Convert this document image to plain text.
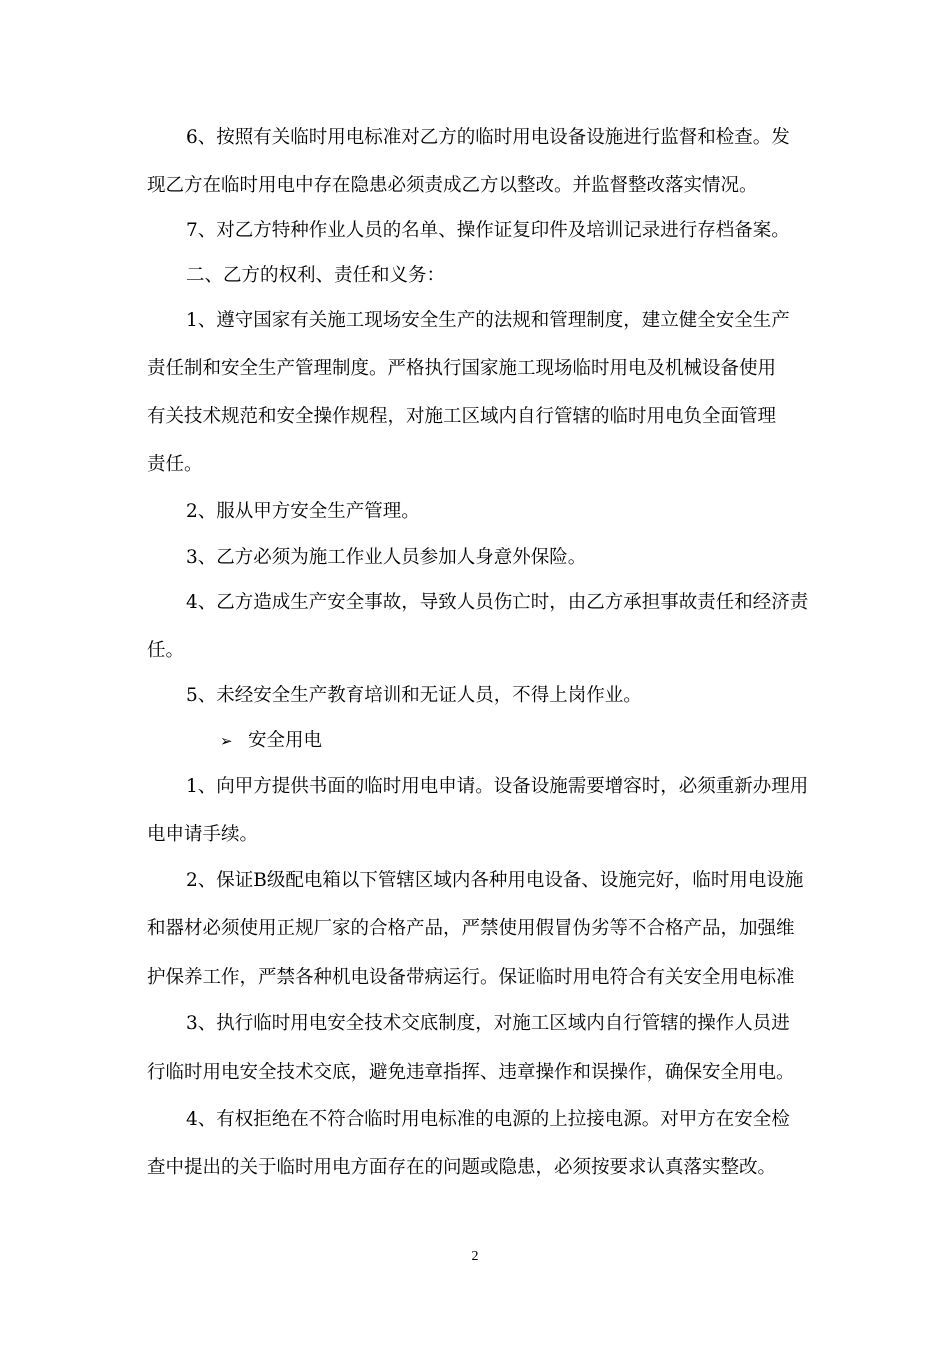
6、按照有关临时用电标准对乙方的临时用电设备设施进行监督和检查。发
现乙方在临时用电中存在隐患必须责成乙方以整改。并监督整改落实情况。
7、对乙方特种作业人员的名单、操作证复印件及培训记录进行存档备案。
二、乙方的权利、责任和义务：
1、遵守国家有关施工现场安全生产的法规和管理制度，建立健全安全生产
责任制和安全生产管理制度。严格执行国家施工现场临时用电及机械设备使用
有关技术规范和安全操作规程，对施工区域内自行管辖的临时用电负全面管理
责任。
2、服从甲方安全生产管理。
3、乙方必须为施工作业人员参加人身意外保险。
4、乙方造成生产安全事故，导致人员伤亡时，由乙方承担事故责任和经济责
任。
5、未经安全生产教育培训和无证人员，不得上岗作业。
➢ 安全用电
1、向甲方提供书面的临时用电申请。设备设施需要增容时，必须重新办理用
电申请手续。
2、保证B级配电箱以下管辖区域内各种用电设备、设施完好，临时用电设施
和器材必须使用正规厂家的合格产品，严禁使用假冒伪劣等不合格产品，加强维
护保养工作，严禁各种机电设备带病运行。保证临时用电符合有关安全用电标准
3、执行临时用电安全技术交底制度，对施工区域内自行管辖的操作人员进
行临时用电安全技术交底，避免违章指挥、违章操作和误操作，确保安全用电。
4、有权拒绝在不符合临时用电标准的电源的上拉接电源。对甲方在安全检
查中提出的关于临时用电方面存在的问题或隐患，必须按要求认真落实整改。
2
